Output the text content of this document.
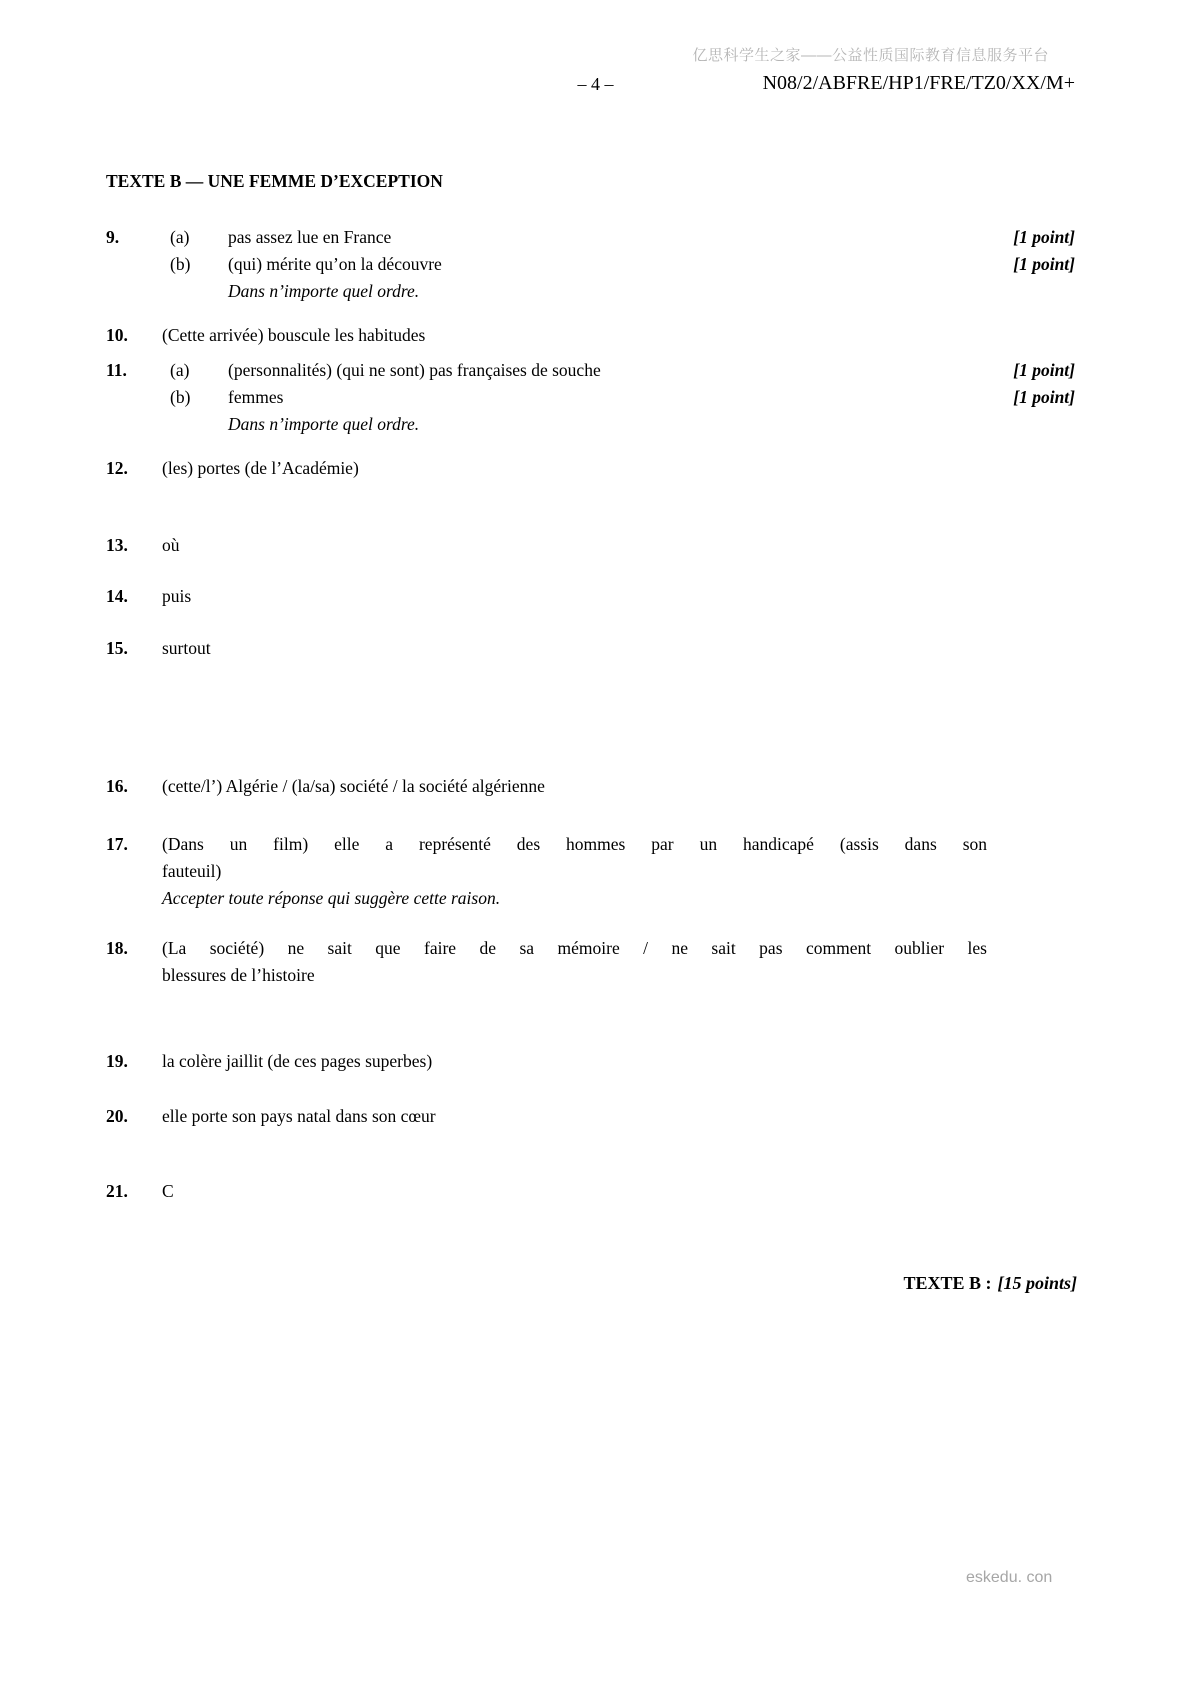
亿思科学生之家——公益性质国际教育信息服务平台
– 4 –	N08/2/ABFRE/HP1/FRE/TZ0/XX/M+
TEXTE B — UNE FEMME D’EXCEPTION
9.	(a) pas assez lue en France	[1 point]
(b) (qui) mérite qu’on la découvre	[1 point]
Dans n’importe quel ordre.
10. (Cette arrivée) bouscule les habitudes
11. (a) (personnalités) (qui ne sont) pas françaises de souche	[1 point]
(b) femmes	[1 point]
Dans n’importe quel ordre.
12. (les) portes (de l’Académie)
13. où
14. puis
15. surtout
16. (cette/l’) Algérie / (la/sa) société / la société algérienne
17. (Dans un film) elle a représenté des hommes par un handicapé (assis dans son
fauteuil)
Accepter toute réponse qui suggère cette raison.
18. (La société) ne sait que faire de sa mémoire / ne sait pas comment oublier les
blessures de l’histoire
19. la colère jaillit (de ces pages superbes)
20. elle porte son pays natal dans son cœur
21. C
TEXTE B : [15 points]
eskedu. con
